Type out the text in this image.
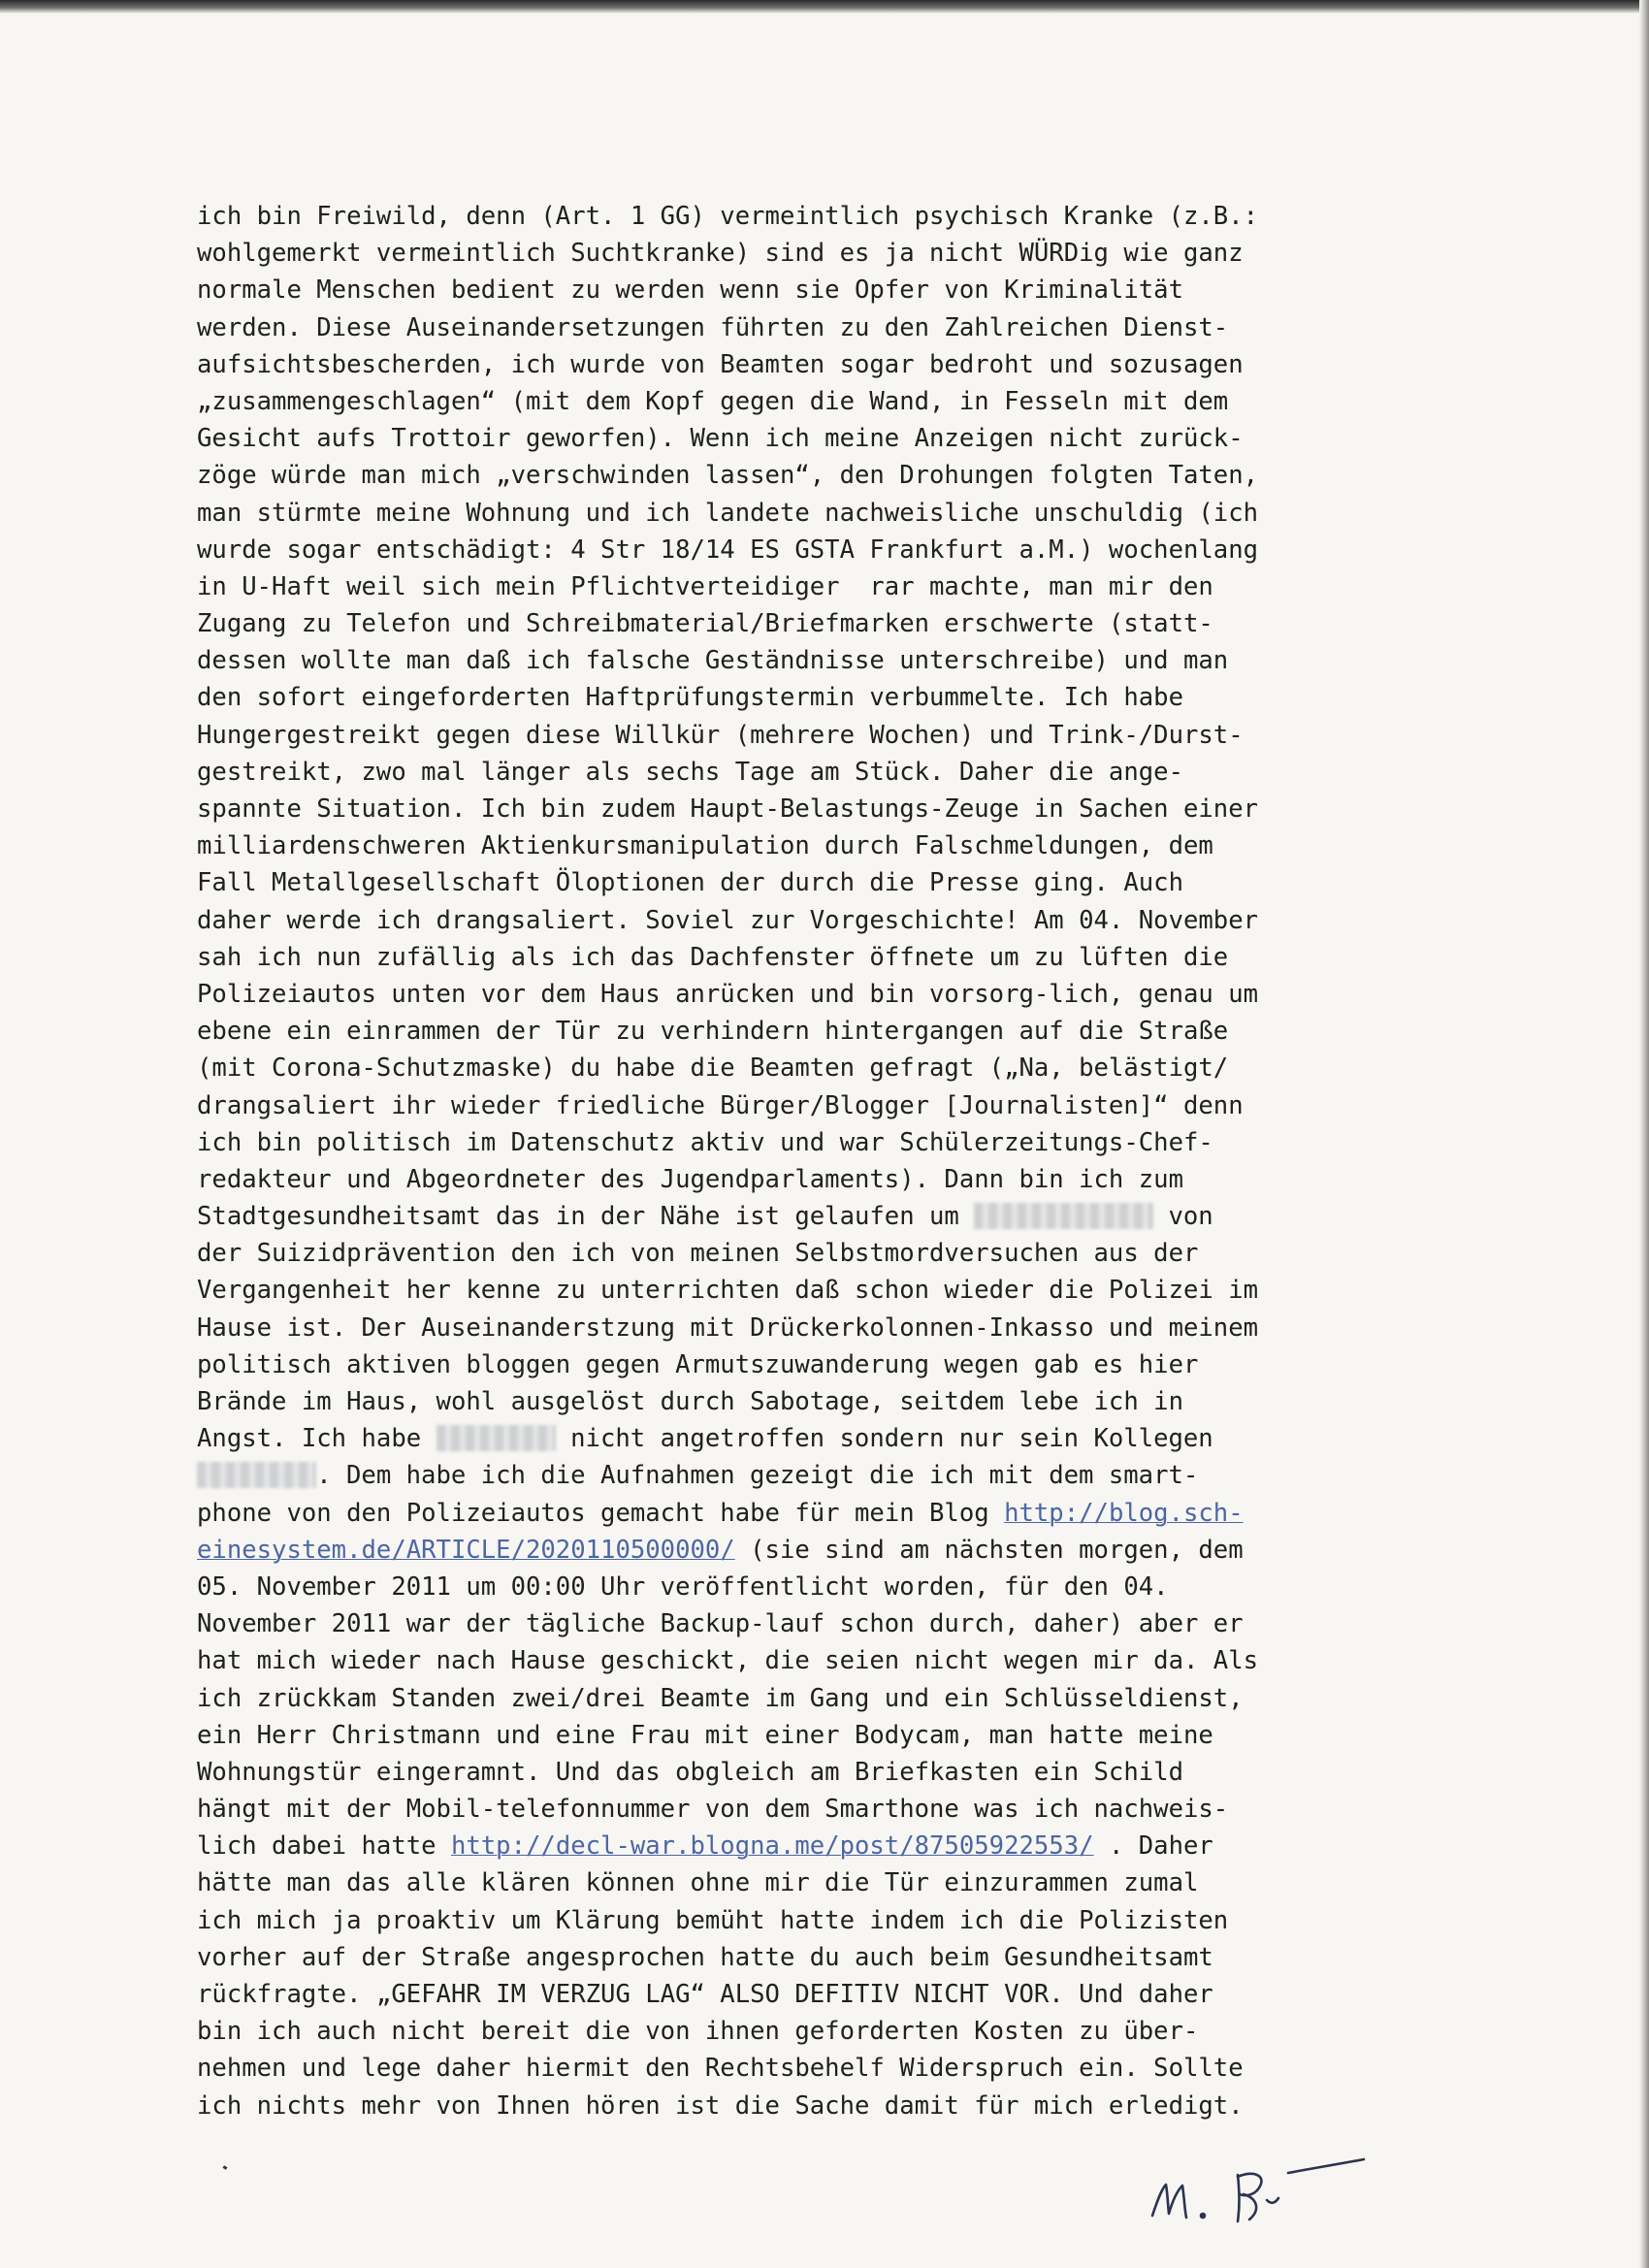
ich bin Freiwild, denn (Art. 1 GG) vermeintlich psychisch Kranke (z.B.:
wohlgemerkt vermeintlich Suchtkranke) sind es ja nicht WÜRDig wie ganz
normale Menschen bedient zu werden wenn sie Opfer von Kriminalität
werden. Diese Auseinandersetzungen führten zu den Zahlreichen Dienst-
aufsichtsbescherden, ich wurde von Beamten sogar bedroht und sozusagen
„zusammengeschlagen“ (mit dem Kopf gegen die Wand, in Fesseln mit dem
Gesicht aufs Trottoir geworfen). Wenn ich meine Anzeigen nicht zurück-
zöge würde man mich „verschwinden lassen“, den Drohungen folgten Taten,
man stürmte meine Wohnung und ich landete nachweisliche unschuldig (ich
wurde sogar entschädigt: 4 Str 18/14 ES GSTA Frankfurt a.M.) wochenlang
in U-Haft weil sich mein Pflichtverteidiger  rar machte, man mir den
Zugang zu Telefon und Schreibmaterial/Briefmarken erschwerte (statt-
dessen wollte man daß ich falsche Geständnisse unterschreibe) und man
den sofort eingeforderten Haftprüfungstermin verbummelte. Ich habe
Hungergestreikt gegen diese Willkür (mehrere Wochen) und Trink-/Durst-
gestreikt, zwo mal länger als sechs Tage am Stück. Daher die ange-
spannte Situation. Ich bin zudem Haupt-Belastungs-Zeuge in Sachen einer
milliardenschweren Aktienkursmanipulation durch Falschmeldungen, dem
Fall Metallgesellschaft Öloptionen der durch die Presse ging. Auch
daher werde ich drangsaliert. Soviel zur Vorgeschichte! Am 04. November
sah ich nun zufällig als ich das Dachfenster öffnete um zu lüften die
Polizeiautos unten vor dem Haus anrücken und bin vorsorg-lich, genau um
ebene ein einrammen der Tür zu verhindern hintergangen auf die Straße
(mit Corona-Schutzmaske) du habe die Beamten gefragt („Na, belästigt/
drangsaliert ihr wieder friedliche Bürger/Blogger [Journalisten]“ denn
ich bin politisch im Datenschutz aktiv und war Schülerzeitungs-Chef-
redakteur und Abgeordneter des Jugendparlaments). Dann bin ich zum
Stadtgesundheitsamt das in der Nähe ist gelaufen um	von
der Suizidprävention den ich von meinen Selbstmordversuchen aus der
Vergangenheit her kenne zu unterrichten daß schon wieder die Polizei im
Hause ist. Der Auseinanderstzung mit Drückerkolonnen-Inkasso und meinem
politisch aktiven bloggen gegen Armutszuwanderung wegen gab es hier
Brände im Haus, wohl ausgelöst durch Sabotage, seitdem lebe ich in
Angst. Ich habe	nicht angetroffen sondern nur sein Kollegen
. Dem habe ich die Aufnahmen gezeigt die ich mit dem smart-
phone von den Polizeiautos gemacht habe für mein Blog http://blog.sch-
einesystem.de/ARTICLE/2020110500000/ (sie sind am nächsten morgen, dem
05. November 2011 um 00:00 Uhr veröffentlicht worden, für den 04.
November 2011 war der tägliche Backup-lauf schon durch, daher) aber er
hat mich wieder nach Hause geschickt, die seien nicht wegen mir da. Als
ich zrückkam Standen zwei/drei Beamte im Gang und ein Schlüsseldienst,
ein Herr Christmann und eine Frau mit einer Bodycam, man hatte meine
Wohnungstür eingeramnt. Und das obgleich am Briefkasten ein Schild
hängt mit der Mobil-telefonnummer von dem Smarthone was ich nachweis-
lich dabei hatte http://decl-war.blogna.me/post/87505922553/ . Daher
hätte man das alle klären können ohne mir die Tür einzurammen zumal
ich mich ja proaktiv um Klärung bemüht hatte indem ich die Polizisten
vorher auf der Straße angesprochen hatte du auch beim Gesundheitsamt
rückfragte. „GEFAHR IM VERZUG LAG“ ALSO DEFITIV NICHT VOR. Und daher
bin ich auch nicht bereit die von ihnen geforderten Kosten zu über-
nehmen und lege daher hiermit den Rechtsbehelf Widerspruch ein. Sollte
ich nichts mehr von Ihnen hören ist die Sache damit für mich erledigt.
